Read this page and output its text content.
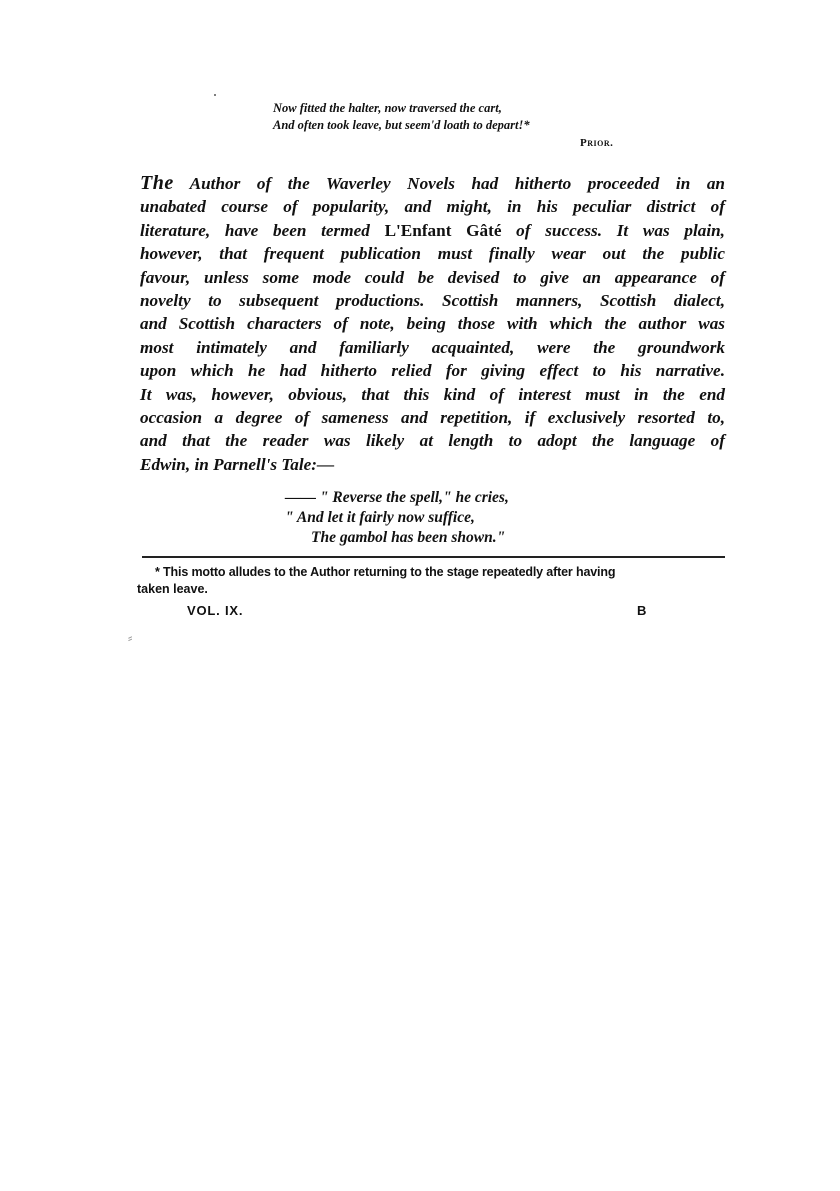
Now fitted the halter, now traversed the cart,
And often took leave, but seem'd loath to depart!*
Prior.
The Author of the Waverley Novels had hitherto proceeded in an
unabated course of popularity, and might, in his peculiar district of
literature, have been termed L'Enfant Gâté of success. It was plain,
however, that frequent publication must finally wear out the public
favour, unless some mode could be devised to give an appearance of
novelty to subsequent productions. Scottish manners, Scottish dialect,
and Scottish characters of note, being those with which the author was
most intimately and familiarly acquainted, were the groundwork
upon which he had hitherto relied for giving effect to his narrative.
It was, however, obvious, that this kind of interest must in the end
occasion a degree of sameness and repetition, if exclusively resorted to,
and that the reader was likely at length to adopt the language of
Edwin, in Parnell's Tale:—
—— " Reverse the spell," he cries,
" And let it fairly now suffice,
The gambol has been shown."
* This motto alludes to the Author returning to the stage repeatedly after having
taken leave.
VOL. IX.	B
⸗
